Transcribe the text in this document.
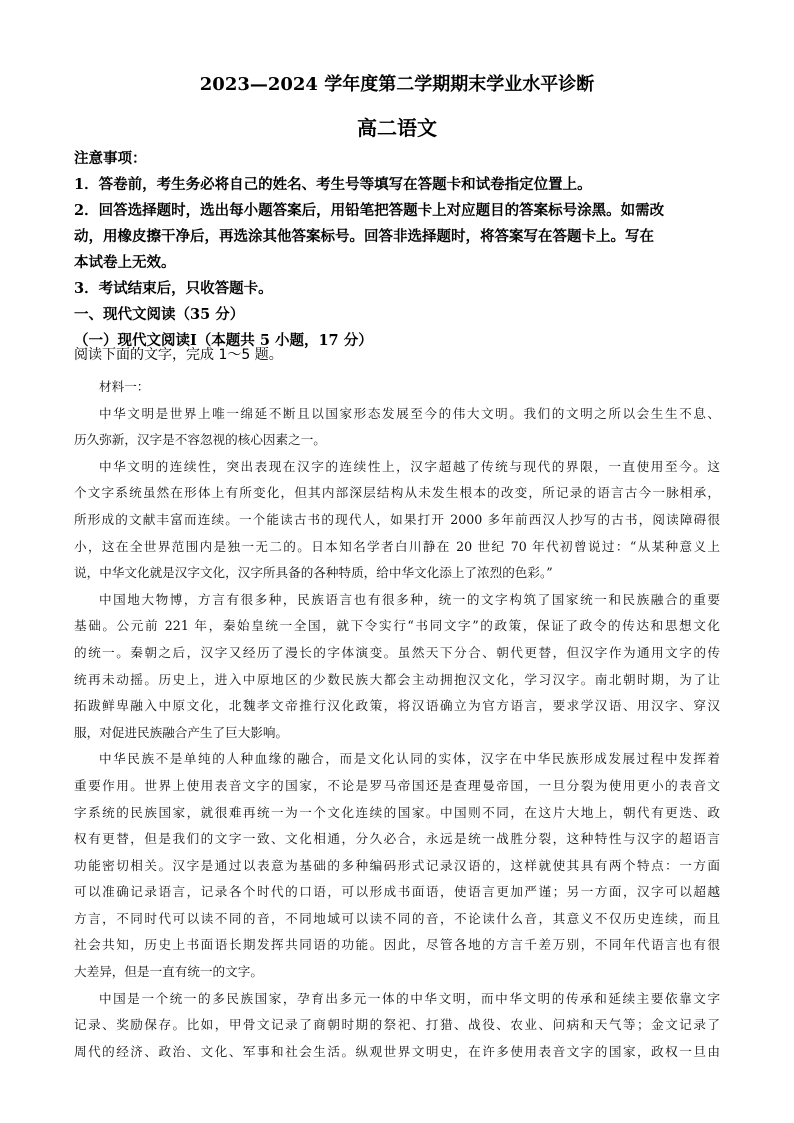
2023—2024 学年度第二学期期末学业水平诊断
高二语文
注意事项：
1．答卷前，考生务必将自己的姓名、考生号等填写在答题卡和试卷指定位置上。
2．回答选择题时，选出每小题答案后，用铅笔把答题卡上对应题目的答案标号涂黑。如需改
动，用橡皮擦干净后，再选涂其他答案标号。回答非选择题时，将答案写在答题卡上。写在
本试卷上无效。
3．考试结束后，只收答题卡。
一、现代文阅读（35 分）
（一）现代文阅读Ⅰ（本题共 5 小题，17 分）
阅读下面的文字，完成 1～5 题。
材料一：
中华文明是世界上唯一绵延不断且以国家形态发展至今的伟大文明。我们的文明之所以会生生不息、
历久弥新，汉字是不容忽视的核心因素之一。
中华文明的连续性，突出表现在汉字的连续性上，汉字超越了传统与现代的界限，一直使用至今。这
个文字系统虽然在形体上有所变化，但其内部深层结构从未发生根本的改变，所记录的语言古今一脉相承，
所形成的文献丰富而连续。一个能读古书的现代人，如果打开 2000 多年前西汉人抄写的古书，阅读障碍很
小，这在全世界范围内是独一无二的。日本知名学者白川静在 20 世纪 70 年代初曾说过：“从某种意义上
说，中华文化就是汉字文化，汉字所具备的各种特质，给中华文化添上了浓烈的色彩。”
中国地大物博，方言有很多种，民族语言也有很多种，统一的文字构筑了国家统一和民族融合的重要
基础。公元前 221 年，秦始皇统一全国，就下令实行“书同文字”的政策，保证了政令的传达和思想文化
的统一。秦朝之后，汉字又经历了漫长的字体演变。虽然天下分合、朝代更替，但汉字作为通用文字的传
统再未动摇。历史上，进入中原地区的少数民族大都会主动拥抱汉文化，学习汉字。南北朝时期，为了让
拓跋鲜卑融入中原文化，北魏孝文帝推行汉化政策，将汉语确立为官方语言，要求学汉语、用汉字、穿汉
服，对促进民族融合产生了巨大影响。
中华民族不是单纯的人种血缘的融合，而是文化认同的实体，汉字在中华民族形成发展过程中发挥着
重要作用。世界上使用表音文字的国家，不论是罗马帝国还是查理曼帝国，一旦分裂为使用更小的表音文
字系统的民族国家，就很难再统一为一个文化连续的国家。中国则不同，在这片大地上，朝代有更迭、政
权有更替，但是我们的文字一致、文化相通，分久必合，永远是统一战胜分裂，这种特性与汉字的超语言
功能密切相关。汉字是通过以表意为基础的多种编码形式记录汉语的，这样就使其具有两个特点：一方面
可以准确记录语言，记录各个时代的口语，可以形成书面语，使语言更加严谨；另一方面，汉字可以超越
方言，不同时代可以读不同的音，不同地域可以读不同的音，不论读什么音，其意义不仅历史连续，而且
社会共知，历史上书面语长期发挥共同语的功能。因此，尽管各地的方言千差万别，不同年代语言也有很
大差异，但是一直有统一的文字。
中国是一个统一的多民族国家，孕育出多元一体的中华文明，而中华文明的传承和延续主要依靠文字
记录、奖励保存。比如，甲骨文记录了商朝时期的祭祀、打猎、战役、农业、问病和天气等；金文记录了
周代的经济、政治、文化、军事和社会生活。纵观世界文明史，在许多使用表音文字的国家，政权一旦由
